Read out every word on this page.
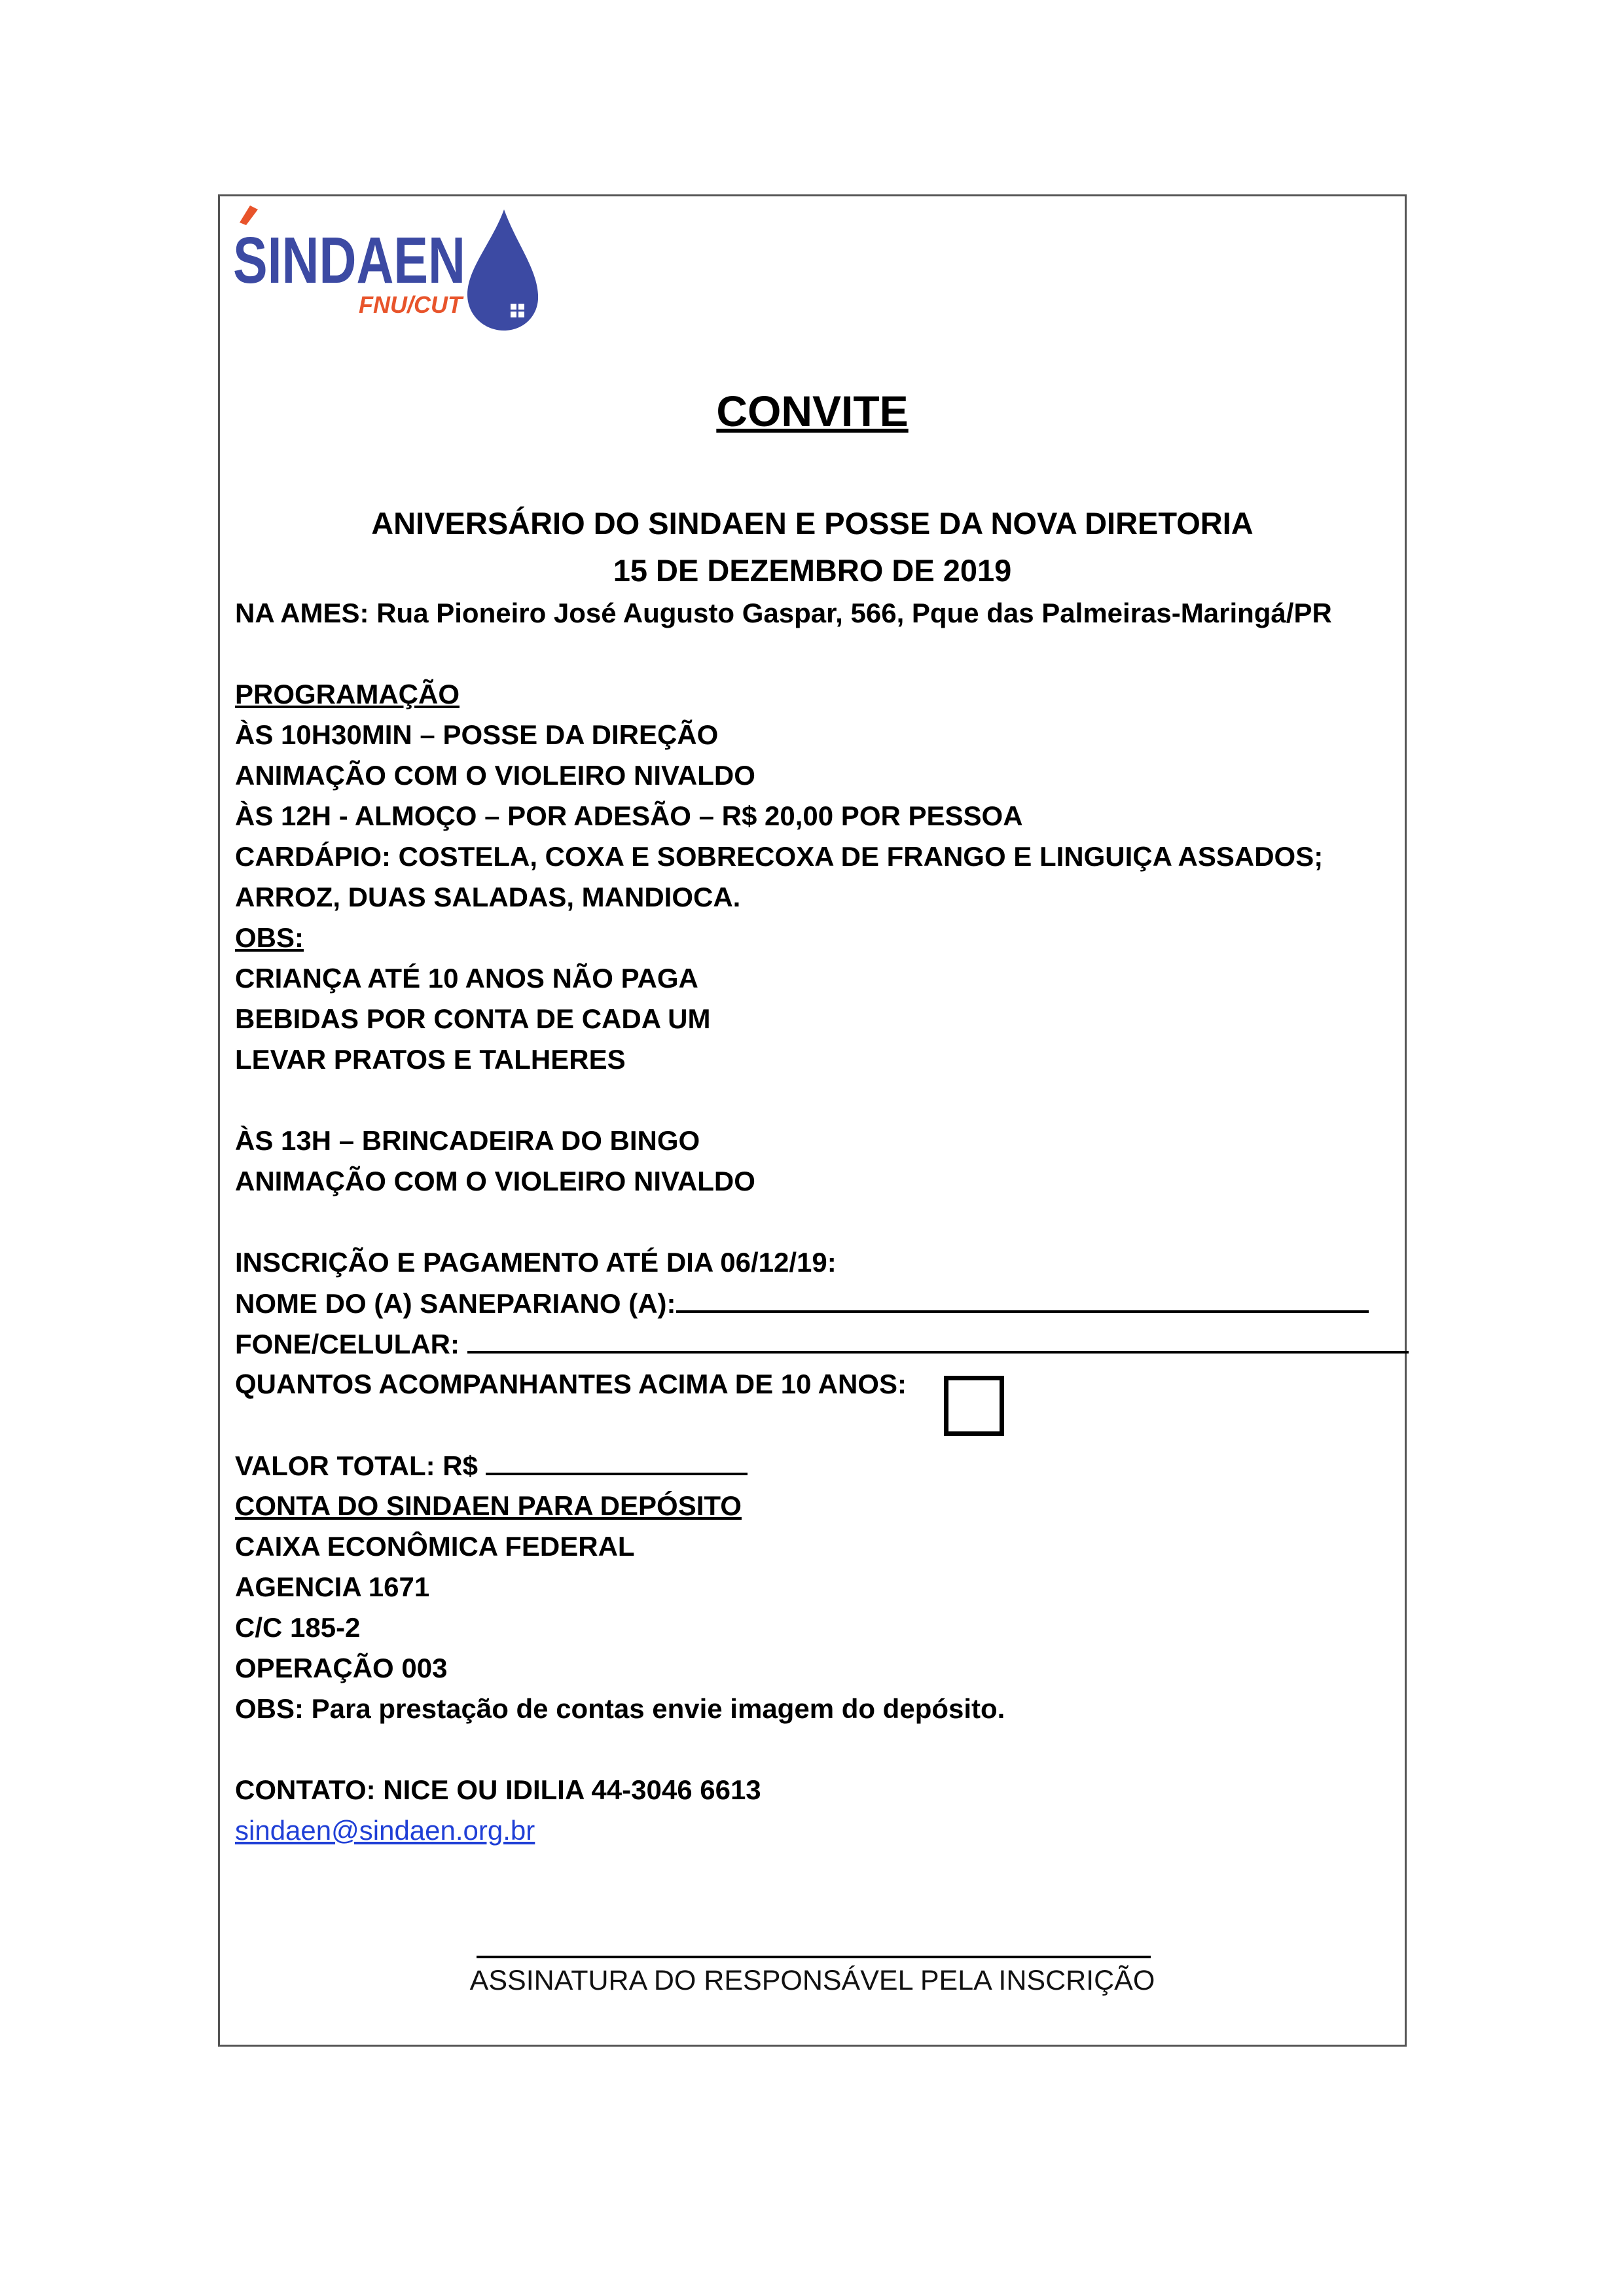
SINDAEN
FNU/CUT
CONVITE
ANIVERSÁRIO DO SINDAEN E POSSE DA NOVA DIRETORIA
15 DE DEZEMBRO DE 2019
NA AMES: Rua Pioneiro José Augusto Gaspar, 566, Pque das Palmeiras-Maringá/PR
PROGRAMAÇÃO
ÀS 10H30MIN – POSSE DA DIREÇÃO
ANIMAÇÃO COM O VIOLEIRO NIVALDO
ÀS 12H - ALMOÇO – POR ADESÃO – R$ 20,00 POR PESSOA
CARDÁPIO: COSTELA, COXA E SOBRECOXA DE FRANGO E LINGUIÇA ASSADOS;
ARROZ, DUAS SALADAS, MANDIOCA.
OBS:
CRIANÇA ATÉ 10 ANOS NÃO PAGA
BEBIDAS POR CONTA DE CADA UM
LEVAR PRATOS E TALHERES
ÀS 13H – BRINCADEIRA DO BINGO
ANIMAÇÃO COM O VIOLEIRO NIVALDO
INSCRIÇÃO E PAGAMENTO ATÉ DIA 06/12/19:
NOME DO (A) SANEPARIANO (A):
FONE/CELULAR:
QUANTOS ACOMPANHANTES ACIMA DE 10 ANOS:
VALOR TOTAL: R$
CONTA DO SINDAEN PARA DEPÓSITO
CAIXA ECONÔMICA FEDERAL
AGENCIA 1671
C/C 185-2
OPERAÇÃO 003
OBS: Para prestação de contas envie imagem do depósito.
CONTATO: NICE OU IDILIA 44-3046 6613
sindaen@sindaen.org.br
ASSINATURA DO RESPONSÁVEL PELA INSCRIÇÃO
